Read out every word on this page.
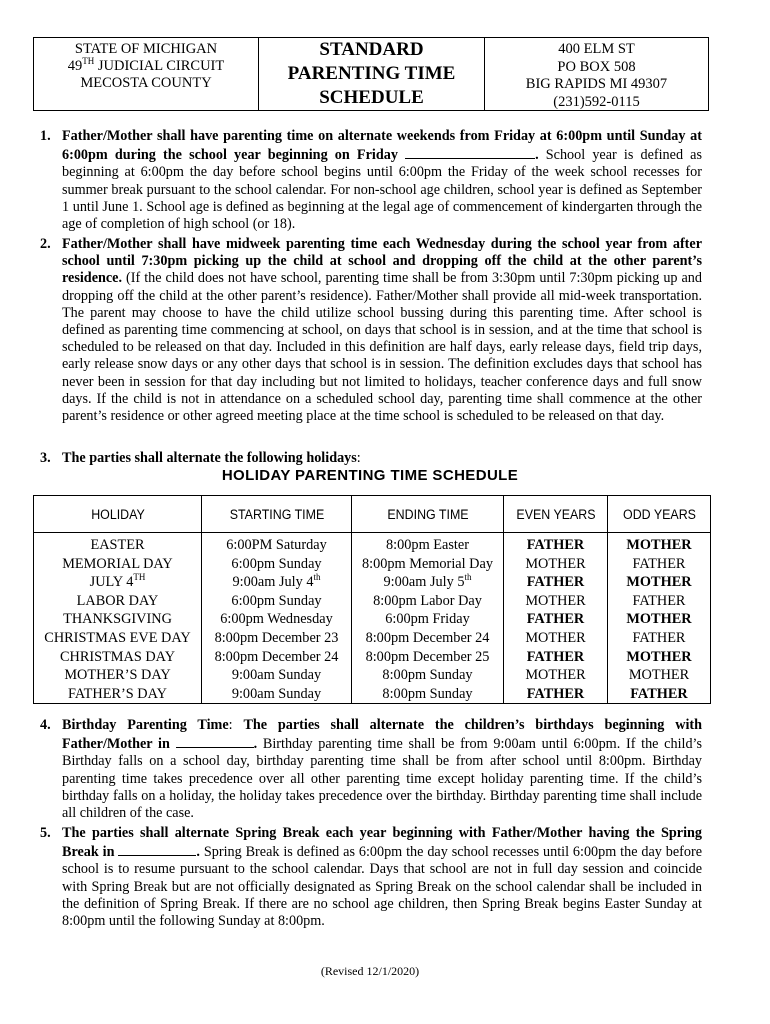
STATE OF MICHIGAN
49TH JUDICIAL CIRCUIT
MECOSTA COUNTY
STANDARD
PARENTING TIME
SCHEDULE
400 ELM ST
PO BOX 508
BIG RAPIDS MI 49307
(231)592-0115
1. Father/Mother shall have parenting time on alternate weekends from Friday at 6:00pm until Sunday at 6:00pm during the school year beginning on Friday	. School year is defined as beginning at 6:00pm the day before school begins until 6:00pm the Friday of the week school recesses for summer break pursuant to the school calendar. For non-school age children, school year is defined as September 1 until June 1. School age is defined as beginning at the legal age of commencement of kindergarten through the age of completion of high school (or 18).
2. Father/Mother shall have midweek parenting time each Wednesday during the school year from after school until 7:30pm picking up the child at school and dropping off the child at the other parent’s residence. (If the child does not have school, parenting time shall be from 3:30pm until 7:30pm picking up and dropping off the child at the other parent’s residence). Father/Mother shall provide all mid-week transportation. The parent may choose to have the child utilize school bussing during this parenting time. After school is defined as parenting time commencing at school, on days that school is in session, and at the time that school is scheduled to be released on that day. Included in this definition are half days, early release days, field trip days, early release snow days or any other days that school is in session. The definition excludes days that school has never been in session for that day including but not limited to holidays, teacher conference days and full snow days. If the child is not in attendance on a scheduled school day, parenting time shall commence at the other parent’s residence or other agreed meeting place at the time school is scheduled to be released on that day.
3. The parties shall alternate the following holidays:
HOLIDAY PARENTING TIME SCHEDULE
HOLIDAY	STARTING TIME	ENDING TIME	EVEN YEARS	ODD YEARS
EASTER	6:00PM Saturday	8:00pm Easter	FATHER	MOTHER
MEMORIAL DAY	6:00pm Sunday	8:00pm Memorial Day	MOTHER	FATHER
JULY 4TH	9:00am July 4th	9:00am July 5th	FATHER	MOTHER
LABOR DAY	6:00pm Sunday	8:00pm Labor Day	MOTHER	FATHER
THANKSGIVING	6:00pm Wednesday	6:00pm Friday	FATHER	MOTHER
CHRISTMAS EVE DAY	8:00pm December 23	8:00pm December 24	MOTHER	FATHER
CHRISTMAS DAY	8:00pm December 24	8:00pm December 25	FATHER	MOTHER
MOTHER’S DAY	9:00am Sunday	8:00pm Sunday	MOTHER	MOTHER
FATHER’S DAY	9:00am Sunday	8:00pm Sunday	FATHER	FATHER
4. Birthday Parenting Time: The parties shall alternate the children’s birthdays beginning with Father/Mother in	. Birthday parenting time shall be from 9:00am until 6:00pm. If the child’s Birthday falls on a school day, birthday parenting time shall be from after school until 8:00pm. Birthday parenting time takes precedence over all other parenting time except holiday parenting time. If the child’s birthday falls on a holiday, the holiday takes precedence over the birthday. Birthday parenting time shall include all children of the case.
5. The parties shall alternate Spring Break each year beginning with Father/Mother having the Spring Break in	. Spring Break is defined as 6:00pm the day school recesses until 6:00pm the day before school is to resume pursuant to the school calendar. Days that school are not in full day session and coincide with Spring Break but are not officially designated as Spring Break on the school calendar shall be included in the definition of Spring Break. If there are no school age children, then Spring Break begins Easter Sunday at 8:00pm until the following Sunday at 8:00pm.
(Revised 12/1/2020)
